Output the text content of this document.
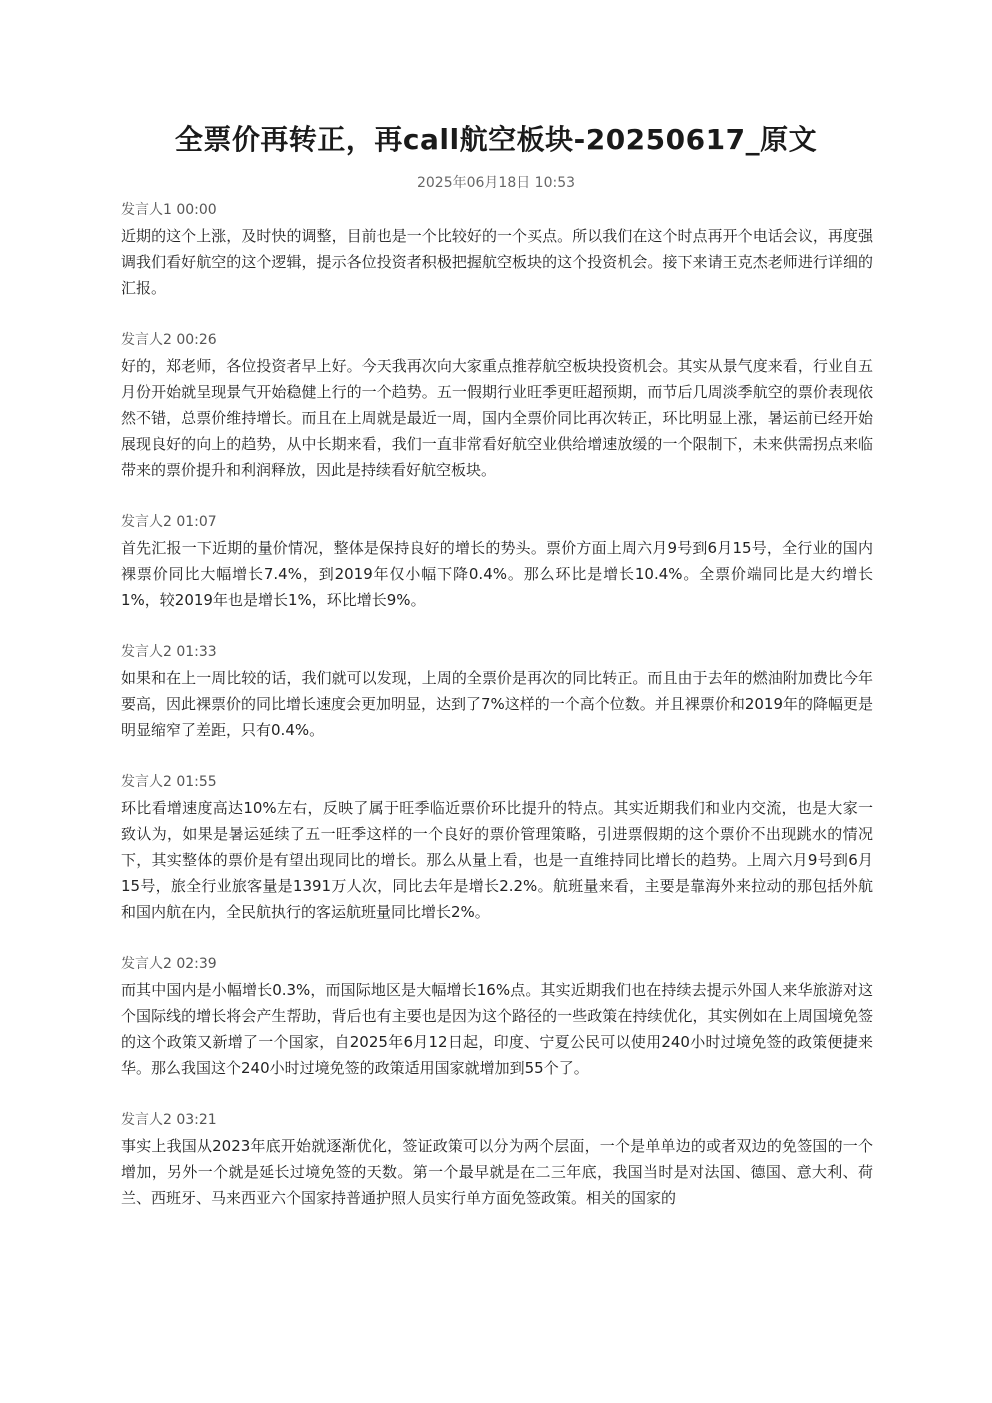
全票价再转正，再call航空板块-20250617_原文
2025年06月18日 10:53
发言人1 00:00

近期的这个上涨，及时快的调整，目前也是一个比较好的一个买点。所以我们在这个时点再开个电话会议，再度强调我们看好航空的这个逻辑，提示各位投资者积极把握航空板块的这个投资机会。接下来请王克杰老师进行详细的汇报。

发言人2 00:26

好的，郑老师，各位投资者早上好。今天我再次向大家重点推荐航空板块投资机会。其实从景气度来看，行业自五月份开始就呈现景气开始稳健上行的一个趋势。五一假期行业旺季更旺超预期，而节后几周淡季航空的票价表现依然不错，总票价维持增长。而且在上周就是最近一周，国内全票价同比再次转正，环比明显上涨，暑运前已经开始展现良好的向上的趋势，从中长期来看，我们一直非常看好航空业供给增速放缓的一个限制下，未来供需拐点来临带来的票价提升和利润释放，因此是持续看好航空板块。

发言人2 01:07

首先汇报一下近期的量价情况，整体是保持良好的增长的势头。票价方面上周六月9号到6月15号，全行业的国内裸票价同比大幅增长7.4%，到2019年仅小幅下降0.4%。那么环比是增长10.4%。全票价端同比是大约增长1%，较2019年也是增长1%，环比增长9%。

发言人2 01:33

如果和在上一周比较的话，我们就可以发现，上周的全票价是再次的同比转正。而且由于去年的燃油附加费比今年要高，因此裸票价的同比增长速度会更加明显，达到了7%这样的一个高个位数。并且裸票价和2019年的降幅更是明显缩窄了差距，只有0.4%。

发言人2 01:55

环比看增速度高达10%左右，反映了属于旺季临近票价环比提升的特点。其实近期我们和业内交流，也是大家一致认为，如果是暑运延续了五一旺季这样的一个良好的票价管理策略，引进票假期的这个票价不出现跳水的情况下，其实整体的票价是有望出现同比的增长。那么从量上看，也是一直维持同比增长的趋势。上周六月9号到6月15号，旅全行业旅客量是1391万人次，同比去年是增长2.2%。航班量来看，主要是靠海外来拉动的那包括外航和国内航在内，全民航执行的客运航班量同比增长2%。

发言人2 02:39

而其中国内是小幅增长0.3%，而国际地区是大幅增长16%点。其实近期我们也在持续去提示外国人来华旅游对这个国际线的增长将会产生帮助，背后也有主要也是因为这个路径的一些政策在持续优化，其实例如在上周国境免签的这个政策又新增了一个国家，自2025年6月12日起，印度、宁夏公民可以使用240小时过境免签的政策便捷来华。那么我国这个240小时过境免签的政策适用国家就增加到55个了。

发言人2 03:21

事实上我国从2023年底开始就逐渐优化，签证政策可以分为两个层面，一个是单单边的或者双边的免签国的一个增加，另外一个就是延长过境免签的天数。第一个最早就是在二三年底，我国当时是对法国、德国、意大利、荷兰、西班牙、马来西亚六个国家持普通护照人员实行单方面免签政策。相关的国家的
